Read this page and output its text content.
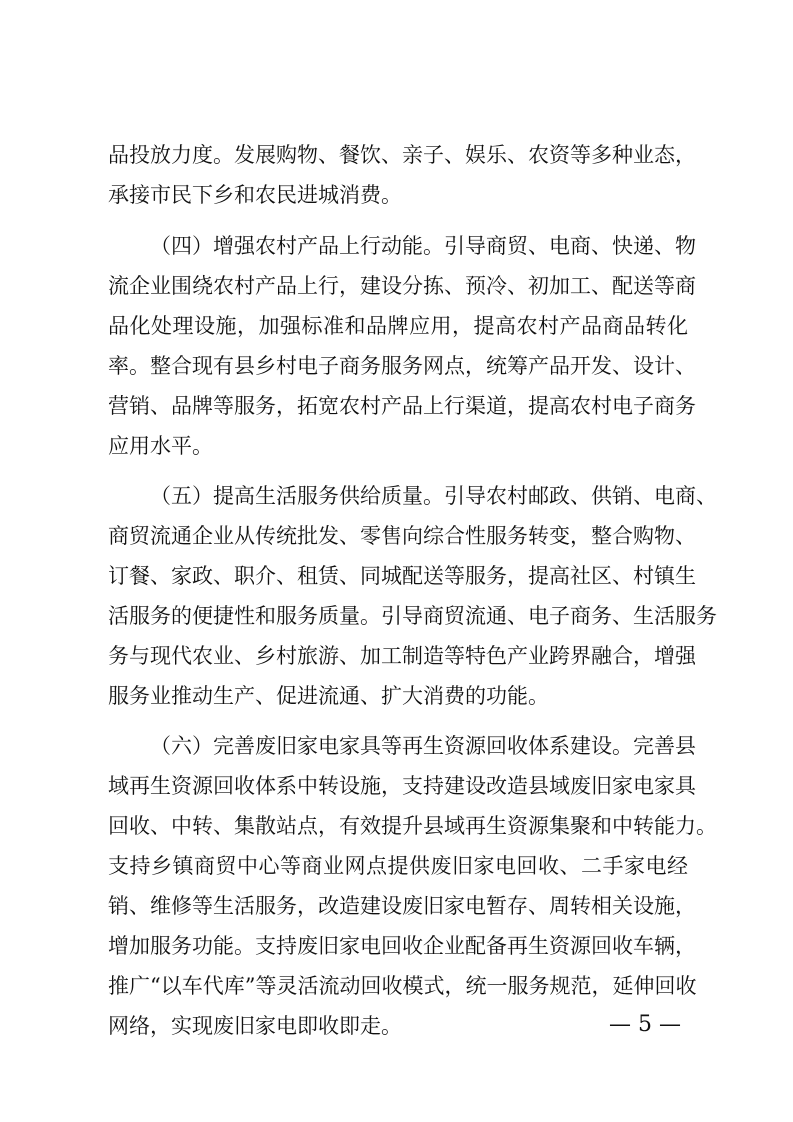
品投放力度。发展购物、餐饮、亲子、娱乐、农资等多种业态，
承接市民下乡和农民进城消费。
（四）增强农村产品上行动能。引导商贸、电商、快递、物
流企业围绕农村产品上行，建设分拣、预冷、初加工、配送等商
品化处理设施，加强标准和品牌应用，提高农村产品商品转化
率。整合现有县乡村电子商务服务网点，统筹产品开发、设计、
营销、品牌等服务，拓宽农村产品上行渠道，提高农村电子商务
应用水平。
（五）提高生活服务供给质量。引导农村邮政、供销、电商、
商贸流通企业从传统批发、零售向综合性服务转变，整合购物、
订餐、家政、职介、租赁、同城配送等服务，提高社区、村镇生
活服务的便捷性和服务质量。引导商贸流通、电子商务、生活服务
务与现代农业、乡村旅游、加工制造等特色产业跨界融合，增强
服务业推动生产、促进流通、扩大消费的功能。
（六）完善废旧家电家具等再生资源回收体系建设。完善县
域再生资源回收体系中转设施，支持建设改造县域废旧家电家具
回收、中转、集散站点，有效提升县域再生资源集聚和中转能力。
支持乡镇商贸中心等商业网点提供废旧家电回收、二手家电经
销、维修等生活服务，改造建设废旧家电暂存、周转相关设施，
增加服务功能。支持废旧家电回收企业配备再生资源回收车辆，
推广“以车代库”等灵活流动回收模式，统一服务规范，延伸回收
网络，实现废旧家电即收即走。	— 5 —
